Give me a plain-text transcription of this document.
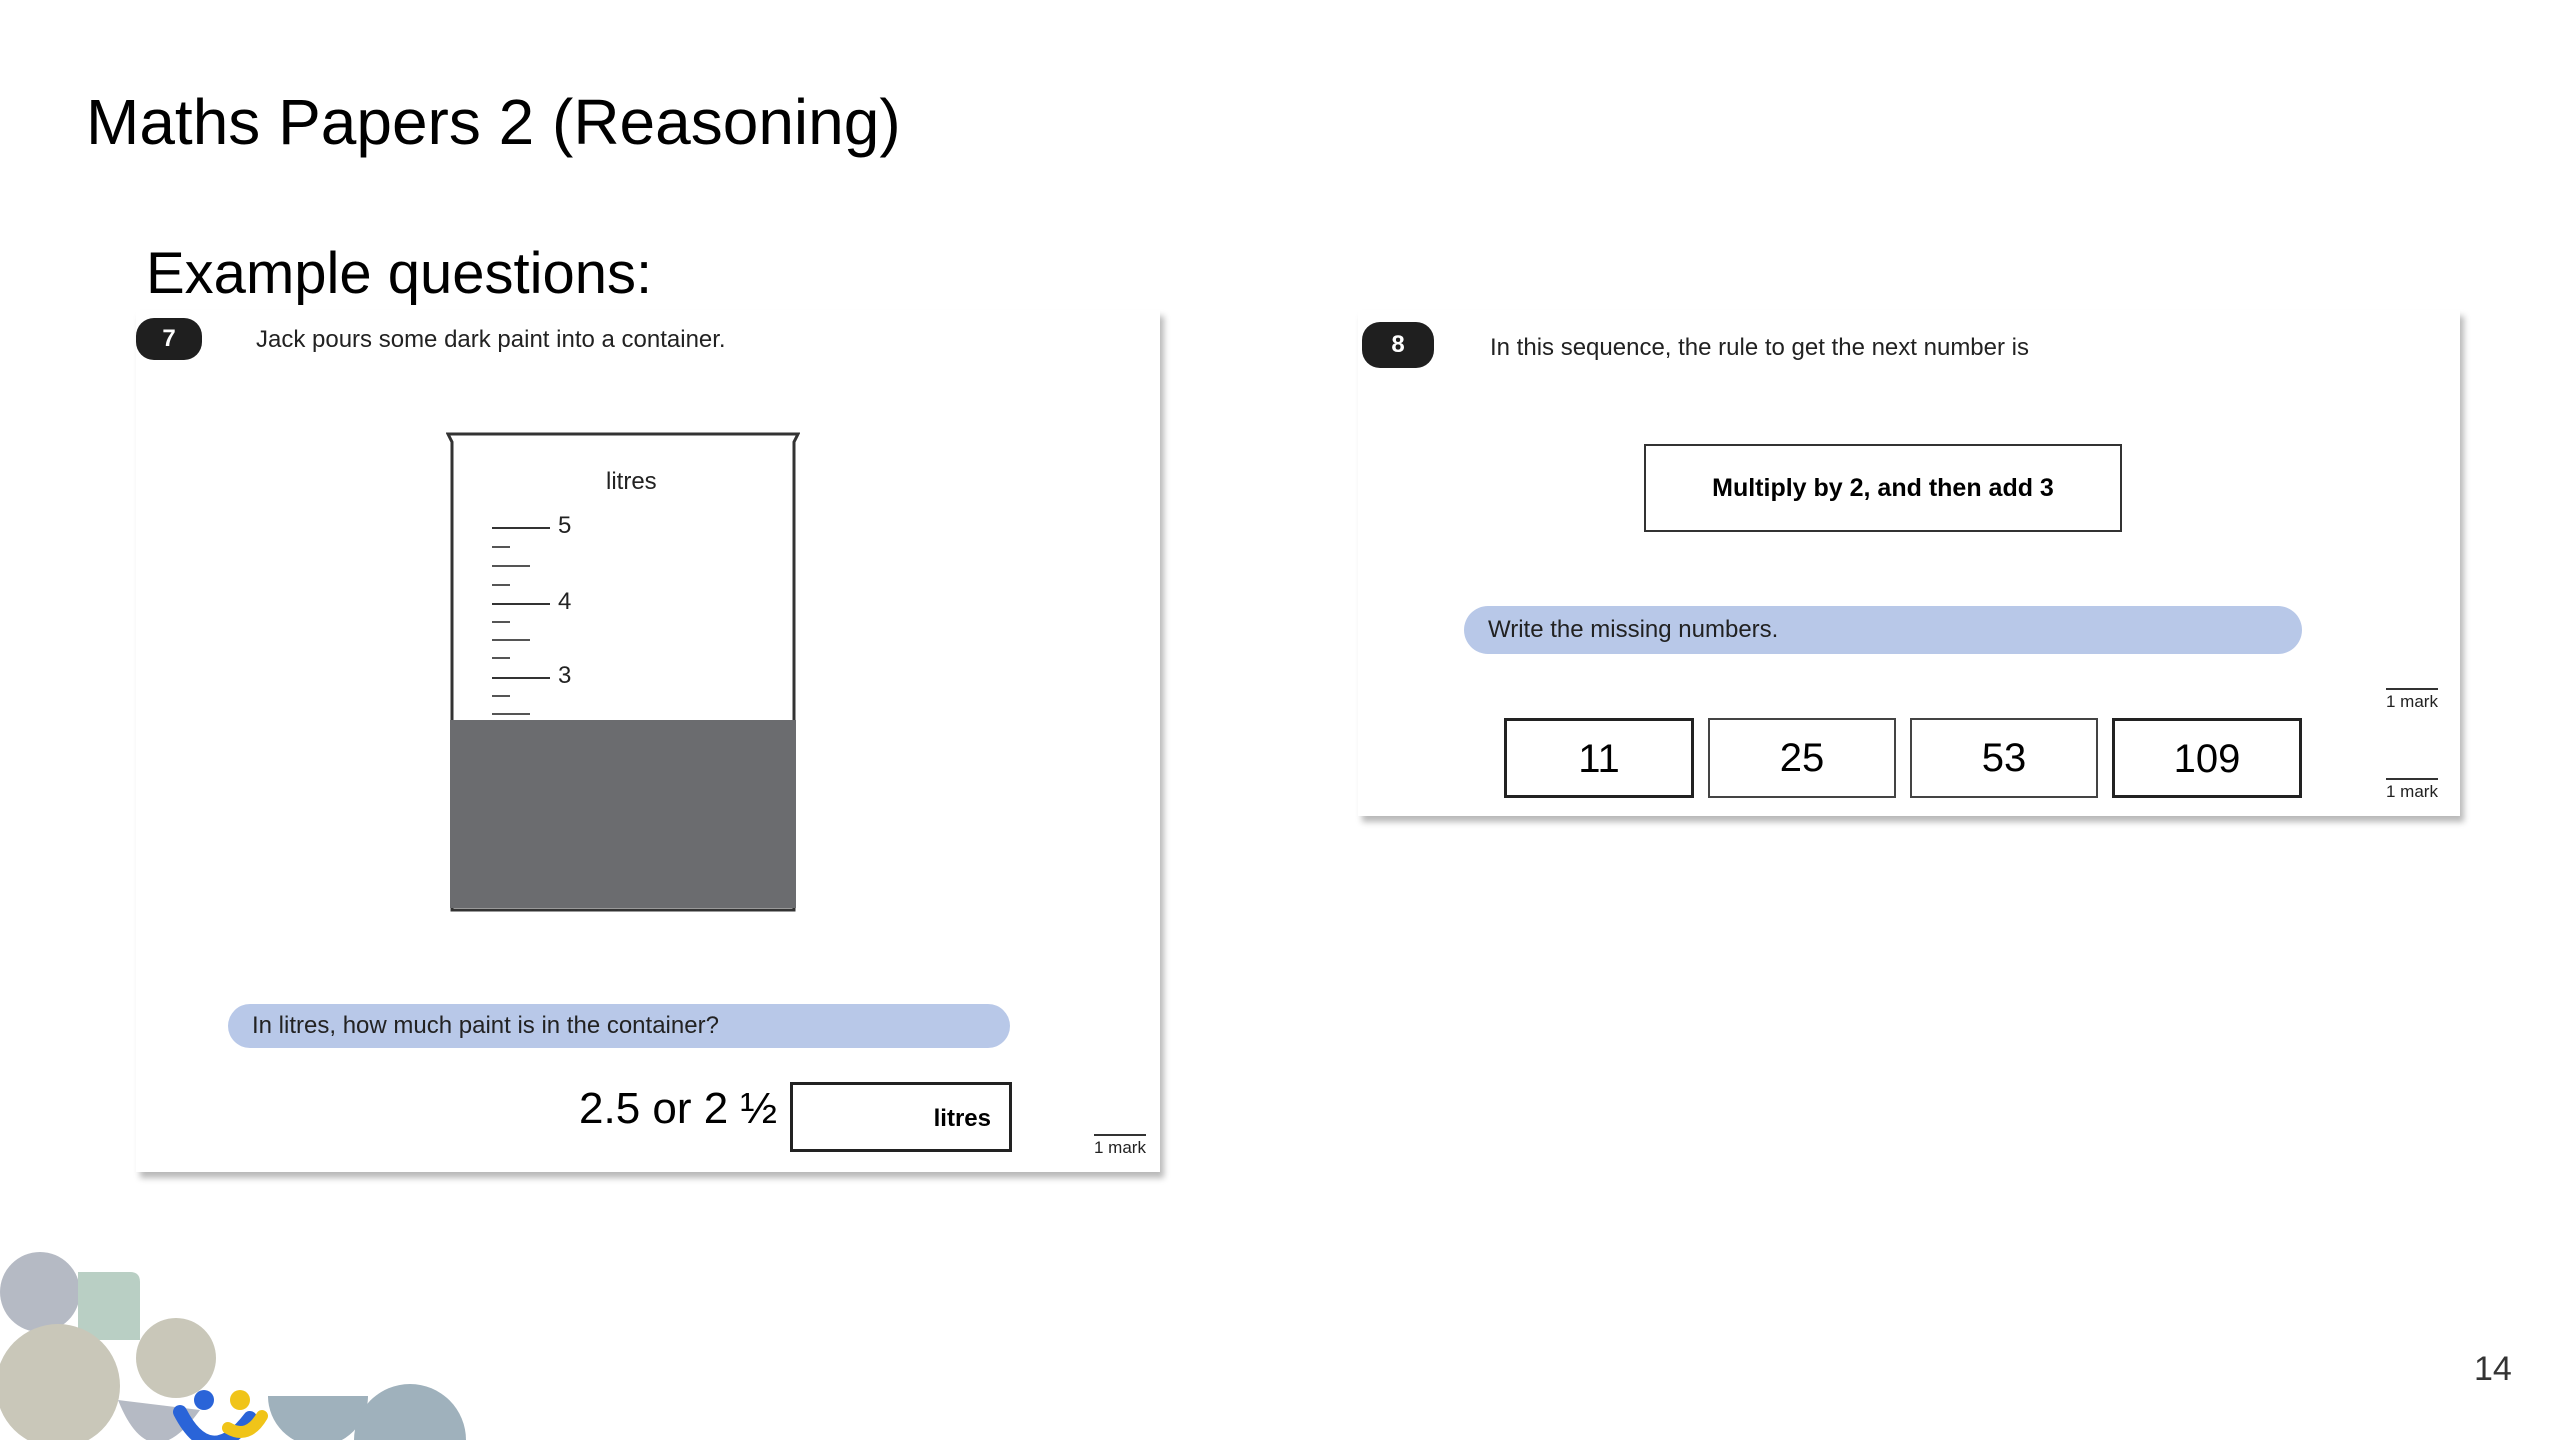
Maths Papers 2 (Reasoning)
Example questions:
7	Jack pours some dark paint into a container.
litres
5
4
3
In litres, how much paint is in the container?
2.5 or 2 ½	litres
1 mark
8	In this sequence, the rule to get the next number is
Multiply by 2, and then add 3
Write the missing numbers.
1 mark
11	25	53	109
1 mark
14
